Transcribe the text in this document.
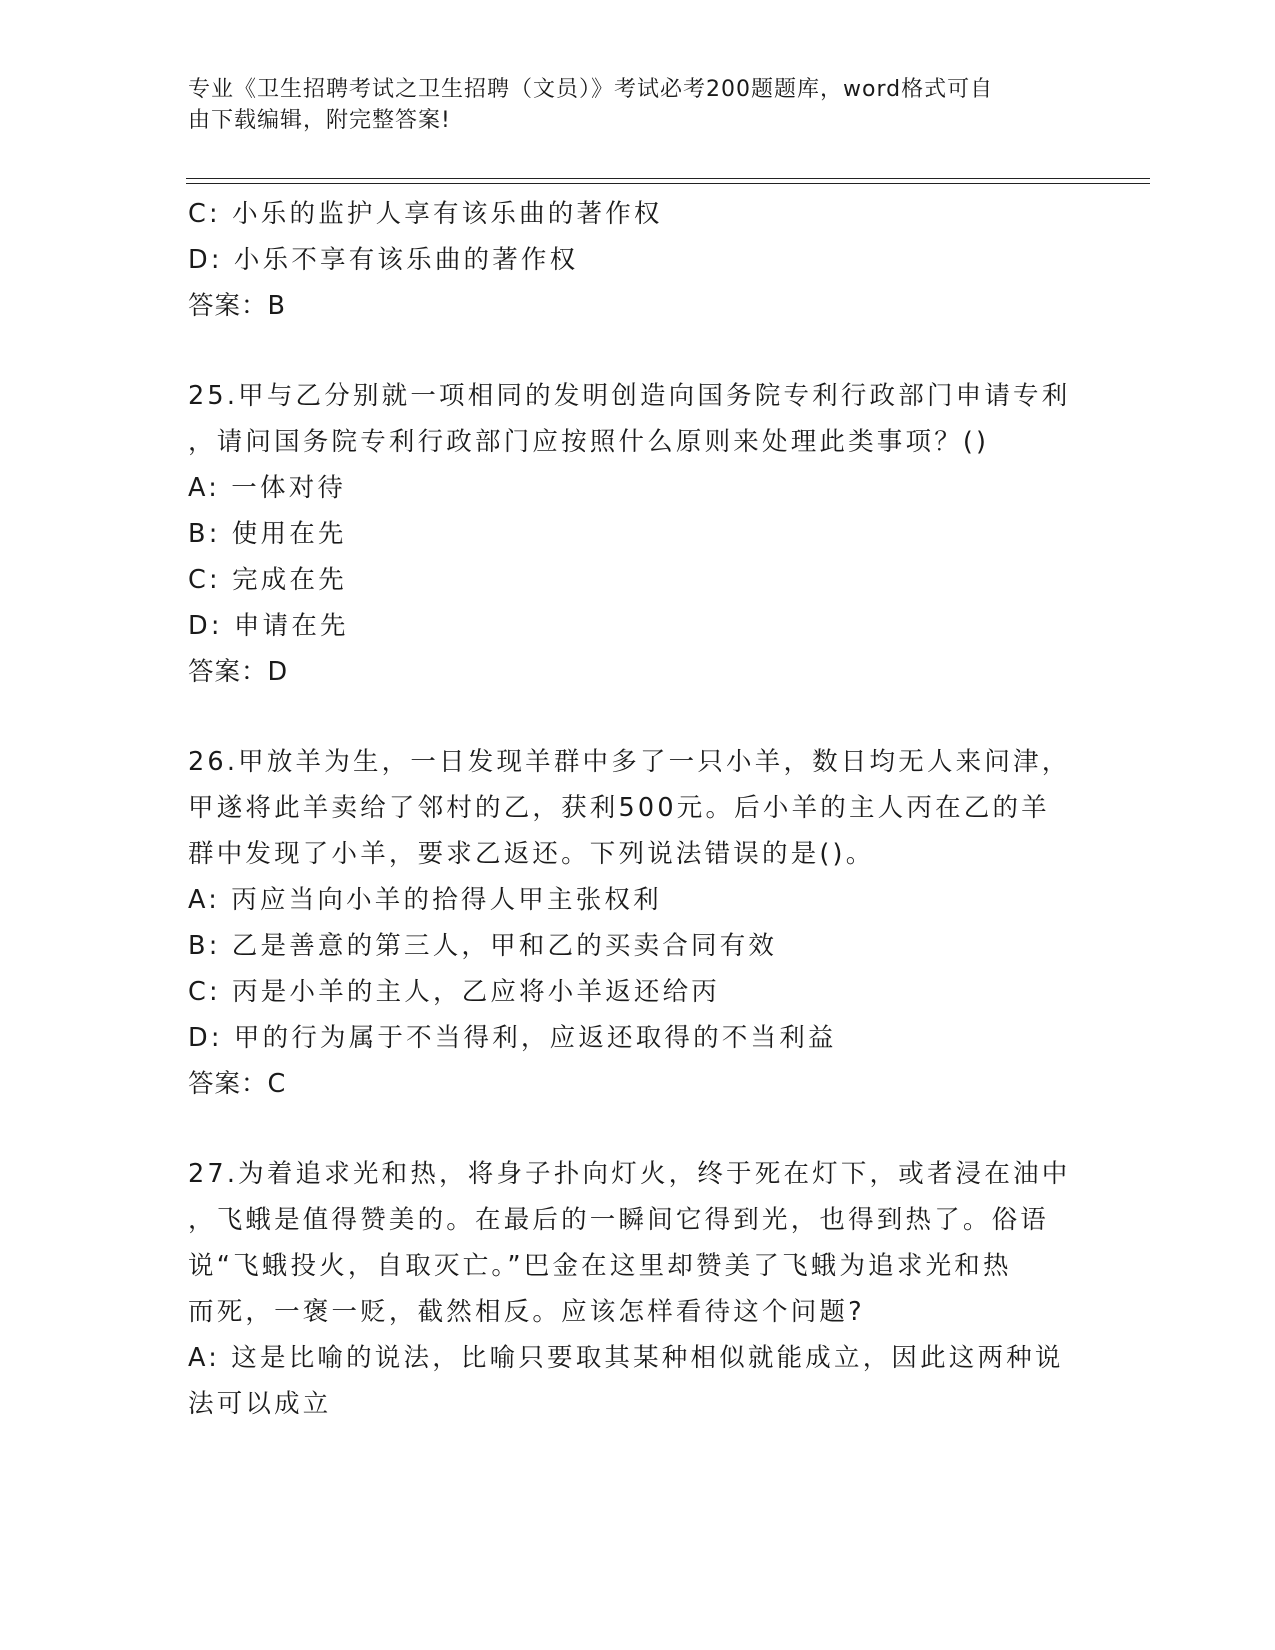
专业《卫生招聘考试之卫生招聘（文员）》考试必考200题题库，word格式可自
由下载编辑，附完整答案!
C: 小乐的监护人享有该乐曲的著作权
D: 小乐不享有该乐曲的著作权
答案：B
25.甲与乙分别就一项相同的发明创造向国务院专利行政部门申请专利
，请问国务院专利行政部门应按照什么原则来处理此类事项？()
A: 一体对待
B: 使用在先
C: 完成在先
D: 申请在先
答案：D
26.甲放羊为生，一日发现羊群中多了一只小羊，数日均无人来问津，
甲遂将此羊卖给了邻村的乙，获利500元。后小羊的主人丙在乙的羊
群中发现了小羊，要求乙返还。下列说法错误的是()。
A: 丙应当向小羊的拾得人甲主张权利
B: 乙是善意的第三人，甲和乙的买卖合同有效
C: 丙是小羊的主人，乙应将小羊返还给丙
D: 甲的行为属于不当得利，应返还取得的不当利益
答案：C
27.为着追求光和热，将身子扑向灯火，终于死在灯下，或者浸在油中
，飞蛾是值得赞美的。在最后的一瞬间它得到光，也得到热了。俗语
说“飞蛾投火，自取灭亡。”巴金在这里却赞美了飞蛾为追求光和热
而死，一褒一贬，截然相反。应该怎样看待这个问题?
A: 这是比喻的说法，比喻只要取其某种相似就能成立，因此这两种说
法可以成立
